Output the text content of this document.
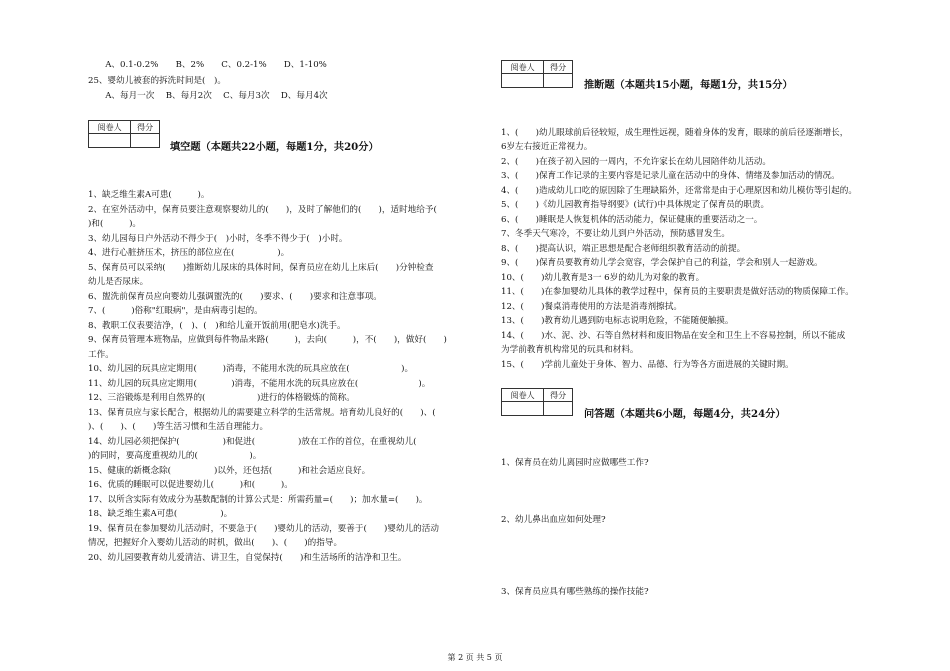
　　A、0.1-0.2%　　B、2%　　C、0.2-1%　　D、1-10%
25、婴幼儿被套的拆洗时间是(　)。
　　A、每月一次　 B、每月2次　 C、每月3次　 D、每月4次
阅卷人	得分

填空题（本题共22小题，每题1分，共20分）
1、缺乏维生素A可患(　　　)。
2、在室外活动中，保育员要注意观察婴幼儿的(　　)，及时了解他们的(　　)，适时地给予(　　
)和(　　　)。
3、幼儿园每日户外活动不得少于(　)小时，冬季不得少于(　)小时。
4、进行心脏挤压术，挤压的部位应在(　　　　　)。
5、保育员可以采纳(　　)推断幼儿尿床的具体时间，保育员应在幼儿上床后(　　)分钟检查
幼儿是否尿床。
6、盥洗前保育员应向婴幼儿强调盥洗的(　　)要求、(　　)要求和注意事项。
7、(　　　)俗称"红眼病"，是由病毒引起的。
8、教职工仪表要洁净，(　)、(　)和给儿童开饭前用(肥皂水)洗手。
9、保育员管理本班物品，应做到每件物品来路(　　　)，去向(　　　)，不(　　)，做好(　　)
工作。
10、幼儿园的玩具应定期用(　　　)消毒，不能用水洗的玩具应放在(　　　　　　)。
11、幼儿园的玩具应定期用(　　　　)消毒，不能用水洗的玩具应放在(　　　　　　　)。
12、三浴锻炼是利用自然界的(　　　　　　)进行的体格锻炼的简称。
13、保育员应与家长配合，根据幼儿的需要建立科学的生活常规。培育幼儿良好的(　　)、(　　
)、(　　)、(　　)等生活习惯和生活自理能力。
14、幼儿园必须把保护(　　　　　)和促进(　　　　　)放在工作的首位，在重视幼儿(　　　　
)的同时，要高度重视幼儿的(　　　　　　)。
15、健康的新概念除(　　　　　)以外，还包括(　　　)和社会适应良好。
16、优质的睡眠可以促进婴幼儿(　　　)和(　　　)。
17、以所含实际有效成分为基数配制的计算公式是：所需药量=(　　)；加水量=(　　)。
18、缺乏维生素A可患(　　　　　)。
19、保育员在参加婴幼儿活动时，不要急于(　　)婴幼儿的活动，要善于(　　)婴幼儿的活动
情况，把握好介入婴幼儿活动的时机，做出(　　)、(　　)的指导。
20、幼儿园要教育幼儿爱清洁、讲卫生，自觉保持(　　)和生活场所的洁净和卫生。
阅卷人	得分

推断题（本题共15小题，每题1分，共15分）
1、(　　)幼儿眼球前后径较短，成生理性远视，随着身体的发育，眼球的前后径逐渐增长，
6岁左右接近正常视力。
2、(　　)在孩子初入园的一周内，不允许家长在幼儿园陪伴幼儿活动。
3、(　　)保育工作记录的主要内容是记录儿童在活动中的身体、情绪及参加活动的情况。
4、(　　)造成幼儿口吃的原因除了生理缺陷外，还常常是由于心理原因和幼儿模仿等引起的。
5、(　　)《幼儿园教育指导纲要》(试行)中具体规定了保育员的职责。
6、(　　)睡眠是人恢复机体的活动能力，保证健康的重要活动之一。
7、冬季天气寒冷，不要让幼儿到户外活动，预防感冒发生。
8、(　　)提高认识，端正思想是配合老师组织教育活动的前提。
9、(　　)保育员要教育幼儿学会宽容，学会保护自己的利益，学会和别人一起游戏。
10、(　　)幼儿教育是3一 6岁的幼儿为对象的教育。
11、(　　)在参加婴幼儿具体的教学过程中，保育员的主要职责是做好活动的物质保障工作。
12、(　　)餐桌消毒使用的方法是消毒剂擦拭。
13、(　　)教育幼儿遇到防电标志说明危险，不能随便触摸。
14、(　　)水、泥、沙、石等自然材料和废旧物品在安全和卫生上不容易控制，所以不能成
为学前教育机构常见的玩具和材料。
15、(　　)学前儿童处于身体、智力、品德、行为等各方面进展的关键时期。
阅卷人	得分

问答题（本题共6小题，每题4分，共24分）
1、保育员在幼儿离园时应做哪些工作?
2、幼儿鼻出血应如何处理?
3、保育员应具有哪些熟练的操作技能?
第 2 页 共 5 页
